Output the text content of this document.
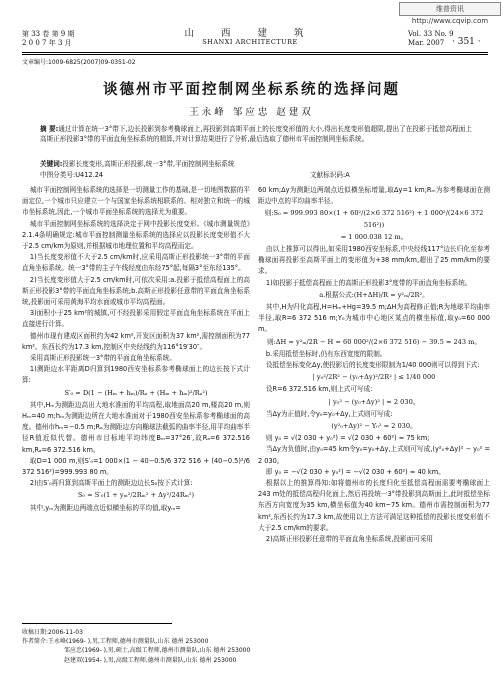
维普资讯 http://www.cqvip.com
第 33 卷 第 9 期
2 0 0 7 年 3 月
山 西 建 筑
SHANXI ARCHITECTURE
Vol. 33 No. 9
Mar. 2007 · 351 ·
文章编号:1009-6825(2007)09-0351-02
谈德州市平面控制网坐标系统的选择问题
王永峰 邹应忠 赵建双
摘 要:通过计算在统一3°带下,边长投影到参考椭球面上,再投影到高斯平面上的长度变形值的大小,得出长度变形值超限,提出了在投影于抵偿高程面上高斯正形投影3°带的平面直角坐标系统的精算,并对计算结果进行了分析,最后选取了德州市平面控制网坐标系统。
关键词:投影长度变形,高斯正形投影,统一3°带,平面控制网坐标系统
中图分类号:U412.24	文献标识码:A

城市平面控制网坐标系统的选择是一切测量工作的基础,是一切地图数据的平面定位,一个城市只应建立一个与国家坐标系统相联系的、相对独立和统一的城市坐标系统,因此,一个城市平面坐标系统的选择尤为重要。

城市平面控制网坐标系统的选择决定于网中投影长度变形。《城市测量规范》2.1.4条明确规定:城市平面控制测量坐标系统的选择应以投影长度变形值不大于2.5 cm/km为原则,并根据城市地理位置和平均高程而定。

1)当长度变形值不大于2.5 cm/km时,应采用高斯正形投影统一3°带的平面直角坐标系统。统一3°带的主子午线经度由东经75°起,每隔3°至东经135°。

2)当长度变形值大于2.5 cm/km时,可依次采用:a.投影于抵偿高程面上的高斯正形投影3°带的平面直角坐标系统;b.高斯正形投影任意带的平面直角坐标系统,投影面可采用黄海平均水面或城市平均高程面。

3)面积小于25 km²的城镇,可不经投影采用假定平面直角坐标系统在平面上直接进行计算。

德州市现有建成区面积约为42 km²,开发区面积为37 km²,需控制面积为77 km²。东西长约为17.3 km,控制区中央经线约为116°19′30″。

采用高斯正形投影统一3°带的平面直角坐标系统。

1)测距边水平距离D归算到1980西安坐标系参考椭球面上的边长按下式计算:

S′₀ = D(1 − (Hₘ + hₘ)/Rₐ + (Hₘ + hₘ)²/Rₐ²)

其中,Hₘ为测距边高出大地水准面的平均高程,取地面高20 m,楼高20 m,则Hₘ=40 m;hₘ为测距边所在大地水准面对于1980西安坐标系参考椭球面的高度。德州市hₘ=−0.5 m;Rₐ为测距边方向椭球法截弧的曲率半径,用平均曲率半径R值近似代替。德州市目标地平均纬度Bₘ=37°26′,故Rₐ=6 372.516 km,Rₐ=6 372.516 km。

取D=1 000 m,则S′₀=1 000×(1 − 40−0.5/6 372 516 + (40−0.5)²/6 372 516²)=999.993 80 m。

2)由S′₀再归算到高斯平面上的测距边边长S₀按下式计算:

S₀ = S′₀(1 + yₘ²/2Rₘ² + Δy²/24Rₘ²)

其中,yₘ为测距边两端点近似横坐标的平均值,取yₘ=

60 km;Δy为测距边两端点近似横坐标增量,取Δy=1 km;Rₘ为参考椭球面在测距边中点的平均曲率半径。

则:S₀ = 999.993 80×(1 + 60²/(2×6 372 516²) + 1 000²/(24×6 372 516²))
= 1 000.038 12 m。

由以上推算可以得出,如采用1980西安坐标系,中央经线117°边长归化至参考椭球面再投影至高斯平面上的变形值为+38 mm/km,超出了25 mm/km的要求。

1)如投影于抵偿高程面上的高斯正形投影3°度带的平面直角坐标系统。

a.根据公式:(H+ΔH)/R = y²ₘ/2R²。

其中,H为归化高程,H=Hₘ+Hg=39.5 m;ΔH为高程修正值;R为地球平均曲率半径,取R=6 372 516 m;Y₀为城市中心地区某点的横坐标值,取y₀=60 000 m。

则:ΔH = y²ₘ/2R − H = 60 000²/(2×6 372 516) − 39.5 ≈ 243 m。

b.采用抵偿坐标时,仍有东西宽度的限制。

设抵偿坐标变化Δy,使投影后的长度变形限制为1/40 000则可以得到下式:

| y₀²/2R² − (y₀+Δy)²/2R² | ≤ 1/40 000

设R=6 372.516 km,则上式可写成:

| y₀² − (y₀+Δy)² | ≈ 2 030。

当Δy为正值时,令y₀=y₀+Δy,上式则可写成:

(y²₀+Δy)² − Y₀² = 2 030。

则 y₀ = √(2 030 + y₀²) = √(2 030 + 60²) ≈ 75 km;

当Δy为负值时,由y₀=45 km令y₀=y₀+Δy,上式则可写成,(y²₀+Δy)² − y₀² = 2 030。

即 y₀ = −√(2 030 + y₀²) = −√(2 030 + 60²) ≈ 40 km。

根据以上的推算得知:如将德州市的长度归化至抵偿高程面需要考椭球面上243 m处的抵偿高程归化面上,然后再投统一3°带投影到高斯面上,此时抵偿坐标东西方向宽度为35 km,横坐标值为40 km~75 km。德州市需控制面积为77 km²,东西长约为17.3 km,故使用以上方法可满足这种抵偿的投影长度变形值不大于2.5 cm/km的要求。

2)高斯正形投影任意带的平面直角坐标系统,投影面可采用

收稿日期:2006-11-03
作者简介:王永峰(1969- ),男,工程师,德州市测量队,山东 德州 253000
邹应忠(1969- ),男,硕士,高级工程师,德州市测量队,山东 德州 253000
赵建双(1954- ),男,高级工程师,德州市测量队,山东 德州 253000
